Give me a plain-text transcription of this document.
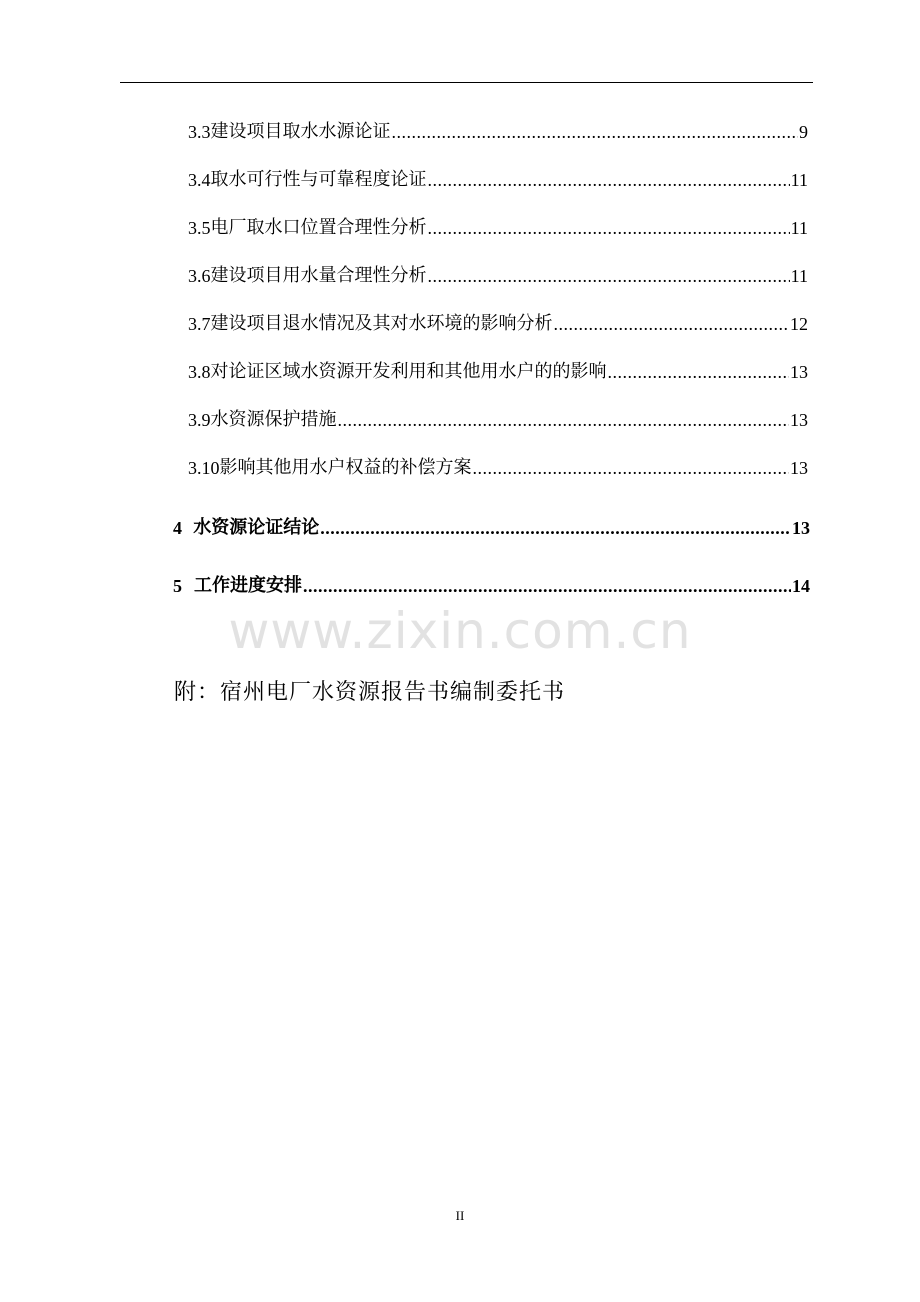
3.3 建设项目取水水源论证 .....	9
3.4 取水可行性与可靠程度论证 .....	11
3.5 电厂取水口位置合理性分析 .....	11
3.6 建设项目用水量合理性分析 .....	11
3.7 建设项目退水情况及其对水环境的影响分析 .....	12
3.8 对论证区域水资源开发利用和其他用水户的的影响 .....	13
3.9 水资源保护措施 .....	13
3.10 影响其他用水户权益的补偿方案 .....	13
4 水资源论证结论 .....	13
5 工作进度安排 .....	14
www.zixin.com.cn
附：宿州电厂水资源报告书编制委托书
II
